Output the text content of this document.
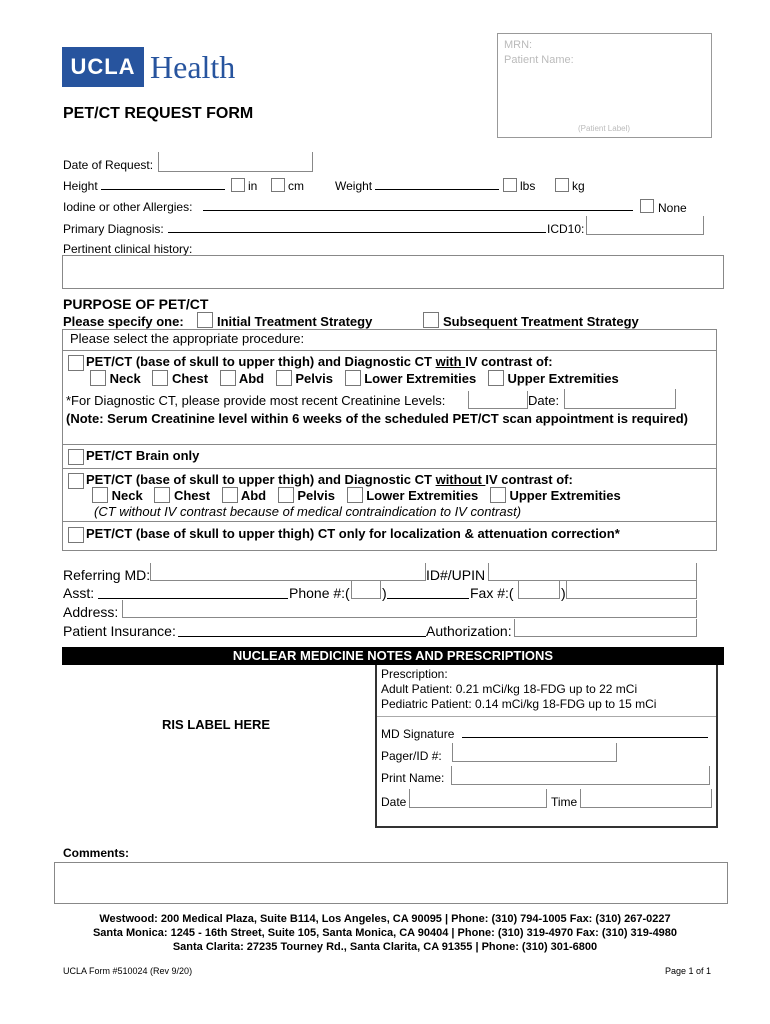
UCLA Health
MRN:
Patient Name:
(Patient Label)
PET/CT REQUEST FORM
Date of Request:
Height	in	cm	Weight	lbs	kg
Iodine or other Allergies:	None
Primary Diagnosis:	ICD10:
Pertinent clinical history:
PURPOSE OF PET/CT
Please specify one:	Initial Treatment Strategy	Subsequent Treatment Strategy
Please select the appropriate procedure:
PET/CT (base of skull to upper thigh) and Diagnostic CT with IV contrast of:
Neck Chest Abd Pelvis Lower Extremities Upper Extremities
*For Diagnostic CT, please provide most recent Creatinine Levels:	Date:
(Note: Serum Creatinine level within 6 weeks of the scheduled PET/CT scan appointment is required)
PET/CT Brain only
PET/CT (base of skull to upper thigh) and Diagnostic CT without IV contrast of:
Neck Chest Abd Pelvis Lower Extremities Upper Extremities
(CT without IV contrast because of medical contraindication to IV contrast)
PET/CT (base of skull to upper thigh) CT only for localization & attenuation correction*
Referring MD:	ID#/UPIN
Asst:	Phone #:( )	Fax #:(	)
Address:
Patient Insurance:	Authorization:
NUCLEAR MEDICINE NOTES AND PRESCRIPTIONS
RIS LABEL HERE
Prescription:
Adult Patient: 0.21 mCi/kg 18-FDG up to 22 mCi
Pediatric Patient: 0.14 mCi/kg 18-FDG up to 15 mCi
MD Signature
Pager/ID #:
Print Name:
Date	Time
Comments:
Westwood: 200 Medical Plaza, Suite B114, Los Angeles, CA 90095 | Phone: (310) 794-1005 Fax: (310) 267-0227
Santa Monica: 1245 - 16th Street, Suite 105, Santa Monica, CA 90404 | Phone: (310) 319-4970 Fax: (310) 319-4980
Santa Clarita: 27235 Tourney Rd., Santa Clarita, CA 91355 | Phone: (310) 301-6800
UCLA Form #510024 (Rev 9/20)	Page 1 of 1
